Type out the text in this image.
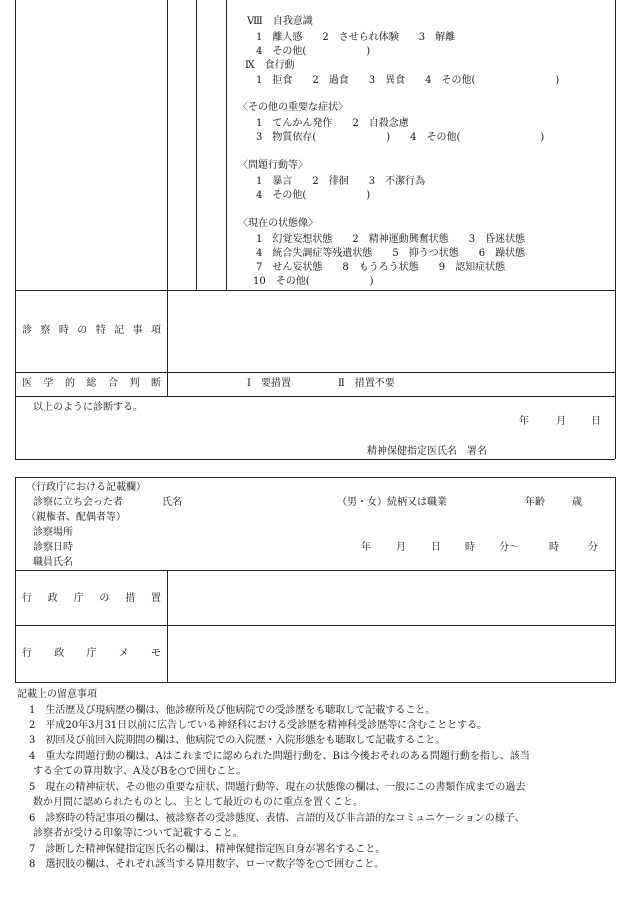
Ⅷ　自我意識
1　離人感　　2　させられ体験　　3　解離
4　その他(　　　　　　)
Ⅸ　食行動
1　拒食　　2　過食　　3　異食　　4　その他(　　　　　　　　)
〈その他の重要な症状〉
1　てんかん発作　　2　自殺念慮
3　物質依存(　　　　　　　)　　4　その他(　　　　　　　　)
〈問題行動等〉
1　暴言　　2　徘徊　　3　不潔行為
4　その他(　　　　　　)
〈現在の状態像〉
1　幻覚妄想状態　　2　精神運動興奮状態　　3　昏迷状態
4　統合失調症等残遺状態　　5　抑うつ状態　　6　躁状態
7　せん妄状態　　8　もうろう状態　　9　認知症状態
10　その他(　　　　　　)
診 察 時 の 特 記 事 項
医 学 的 総 合 判 断	Ⅰ　要措置	Ⅱ　措置不要
以上のように診断する。
年	月	日
精神保健指定医氏名　署名
（行政庁における記載欄）
診察に立ち会った者	氏名	（男・女）続柄又は職業	年齢	歳
（親権者、配偶者等）
診察場所
診察日時	年	月	日 時 分～	時	分
職員氏名
行 政 庁 の 措 置
行 政 庁 メ モ
記載上の留意事項
1　生活歴及び現病歴の欄は、他診療所及び他病院での受診歴をも聴取して記載すること。
2　平成20年3月31日以前に広告している神経科における受診歴を精神科受診歴等に含むこととする。
3　初回及び前回入院期間の欄は、他病院での入院歴・入院形態をも聴取して記載すること。
4　重大な問題行動の欄は、Aはこれまでに認められた問題行動を、Bは今後おそれのある問題行動を指し、該当
する全ての算用数字、A及びBを○で囲むこと。
5　現在の精神症状、その他の重要な症状、問題行動等、現在の状態像の欄は、一般にこの書類作成までの過去
数か月間に認められたものとし、主として最近のものに重点を置くこと。
6　診察時の特記事項の欄は、被診察者の受診態度、表情、言語的及び非言語的なコミュニケーションの様子、
診察者が受ける印象等について記載すること。
7　診断した精神保健指定医氏名の欄は、精神保健指定医自身が署名すること。
8　選択肢の欄は、それぞれ該当する算用数字、ローマ数字等を○で囲むこと。
